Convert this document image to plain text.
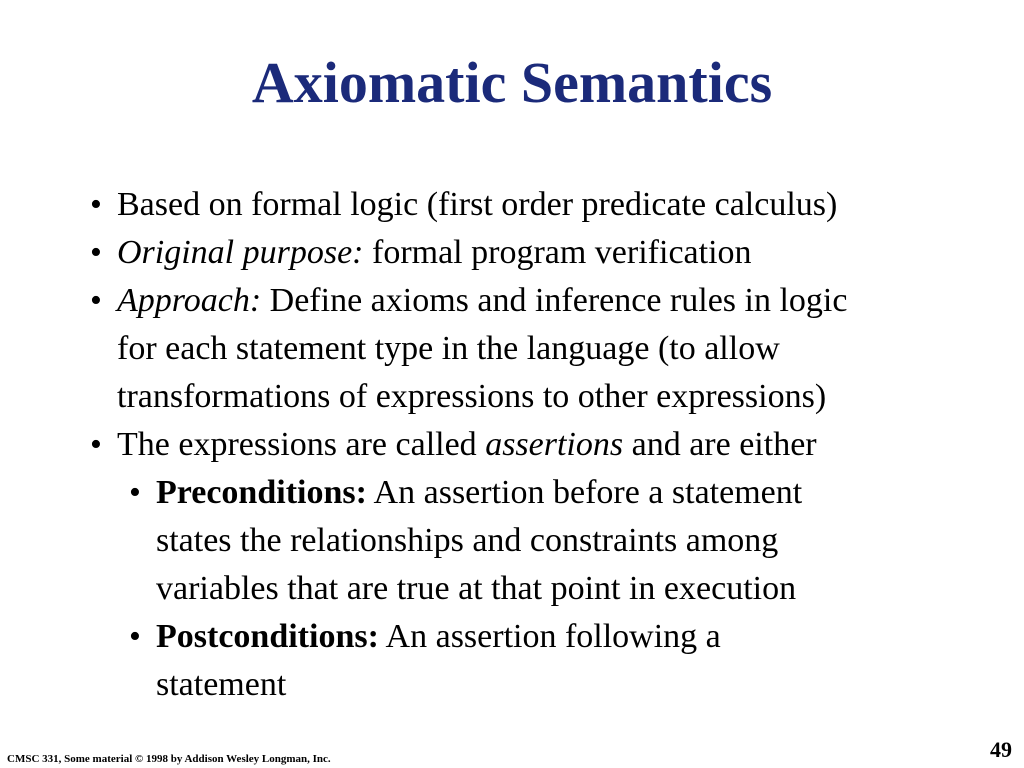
Axiomatic Semantics
• Based on formal logic (first order predicate calculus)
• Original purpose: formal program verification
• Approach: Define axioms and inference rules in logic
for each statement type in the language (to allow
transformations of expressions to other expressions)
• The expressions are called assertions and are either
• Preconditions: An assertion before a statement
states the relationships and constraints among
variables that are true at that point in execution
• Postconditions: An assertion following a
statement
CMSC 331, Some material © 1998 by Addison Wesley Longman, Inc.	49
